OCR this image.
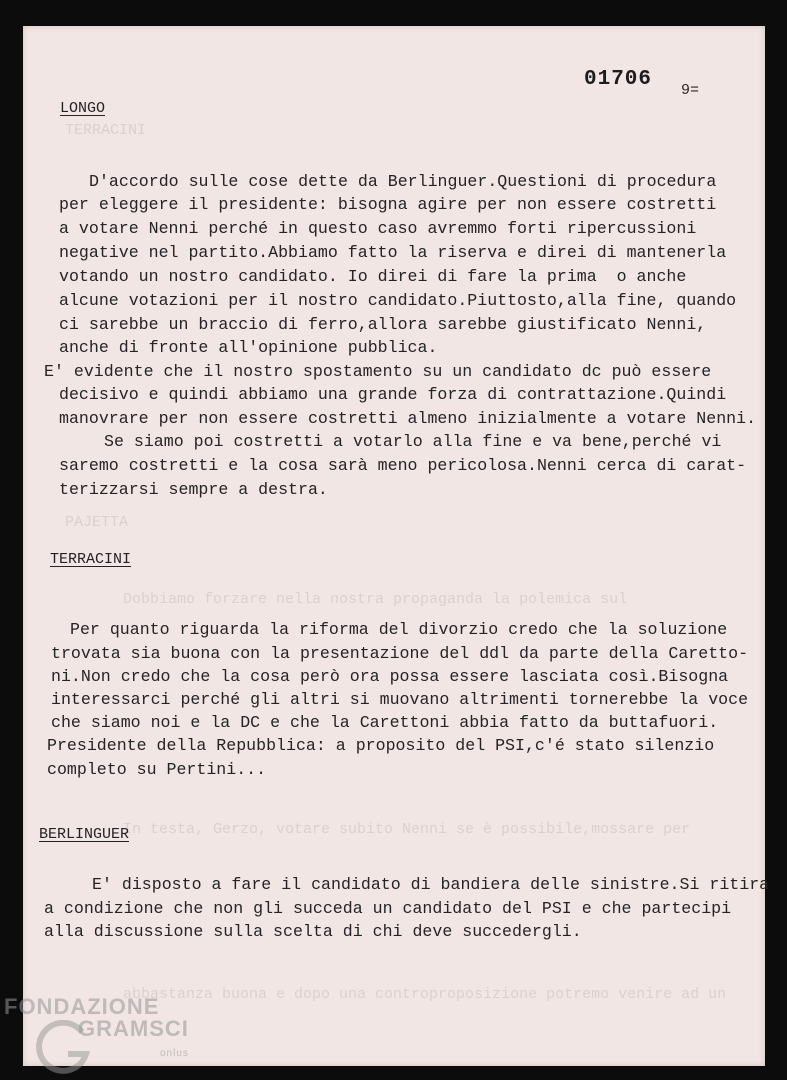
TERRACINI
PAJETTA
Dobbiamo forzare nella nostra propaganda la polemica sul
In testa, Gerzo, votare subito Nenni se è possibile,mossare per
abbastanza buona e dopo una controproposizione potremo venire ad un
01706 9=
LONGO
D'accordo sulle cose dette da Berlinguer.Questioni di procedura
per eleggere il presidente: bisogna agire per non essere costretti
a votare Nenni perché in questo caso avremmo forti ripercussioni
negative nel partito.Abbiamo fatto la riserva e direi di mantenerla
votando un nostro candidato. Io direi di fare la prima  o anche
alcune votazioni per il nostro candidato.Piuttosto,alla fine, quando
ci sarebbe un braccio di ferro,allora sarebbe giustificato Nenni,
anche di fronte all'opinione pubblica.
E' evidente che il nostro spostamento su un candidato dc può essere
decisivo e quindi abbiamo una grande forza di contrattazione.Quindi
manovrare per non essere costretti almeno inizialmente a votare Nenni.
Se siamo poi costretti a votarlo alla fine e va bene,perché vi
saremo costretti e la cosa sarà meno pericolosa.Nenni cerca di carat-
terizzarsi sempre a destra.
TERRACINI
Per quanto riguarda la riforma del divorzio credo che la soluzione
trovata sia buona con la presentazione del ddl da parte della Caretto-
ni.Non credo che la cosa però ora possa essere lasciata così.Bisogna
interessarci perché gli altri si muovano altrimenti tornerebbe la voce
che siamo noi e la DC e che la Carettoni abbia fatto da buttafuori.
Presidente della Repubblica: a proposito del PSI,c'é stato silenzio
completo su Pertini...
BERLINGUER
E' disposto a fare il candidato di bandiera delle sinistre.Si ritira
a condizione che non gli succeda un candidato del PSI e che partecipi
alla discussione sulla scelta di chi deve succedergli.
FONDAZIONE
GRAMSCI
onlus
